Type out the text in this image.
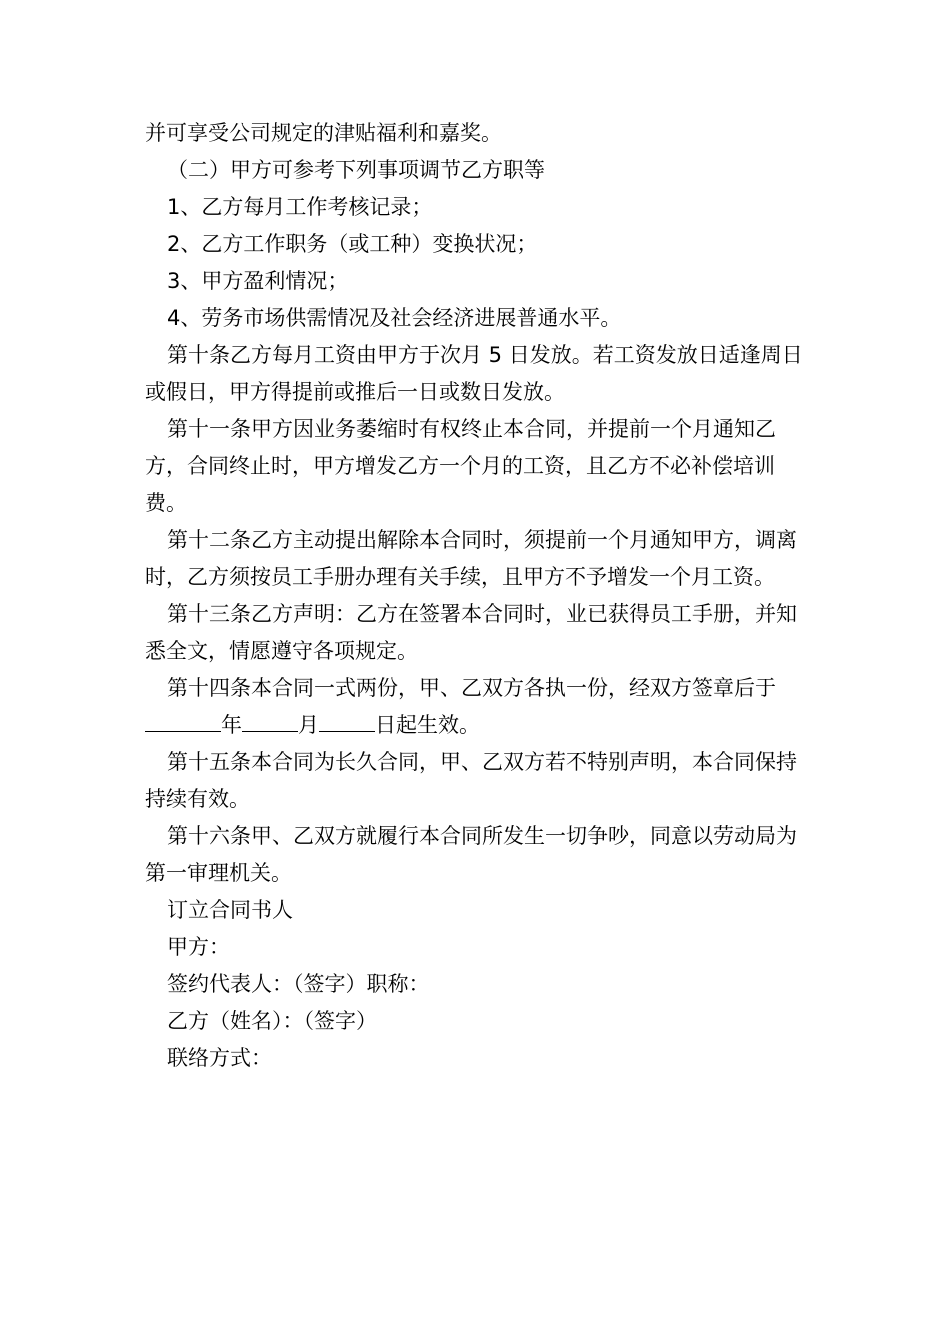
并可享受公司规定的津贴福利和嘉奖。

（二）甲方可参考下列事项调节乙方职等

1、乙方每月工作考核记录；

2、乙方工作职务（或工种）变换状况；

3、甲方盈利情况；

4、劳务市场供需情况及社会经济进展普通水平。

第十条乙方每月工资由甲方于次月 5 日发放。若工资发放日适逢周日或假日，甲方得提前或推后一日或数日发放。

第十一条甲方因业务萎缩时有权终止本合同，并提前一个月通知乙方，合同终止时，甲方增发乙方一个月的工资，且乙方不必补偿培训费。

第十二条乙方主动提出解除本合同时，须提前一个月通知甲方，调离时，乙方须按员工手册办理有关手续，且甲方不予增发一个月工资。

第十三条乙方声明：乙方在签署本合同时，业已获得员工手册，并知悉全文，情愿遵守各项规定。

第十四条本合同一式两份，甲、乙双方各执一份，经双方签章后于年	月	日起生效。

第十五条本合同为长久合同，甲、乙双方若不特别声明，本合同保持持续有效。

第十六条甲、乙双方就履行本合同所发生一切争吵，同意以劳动局为第一审理机关。

订立合同书人

甲方：

签约代表人：（签字）职称：

乙方（姓名）：（签字）

联络方式：
